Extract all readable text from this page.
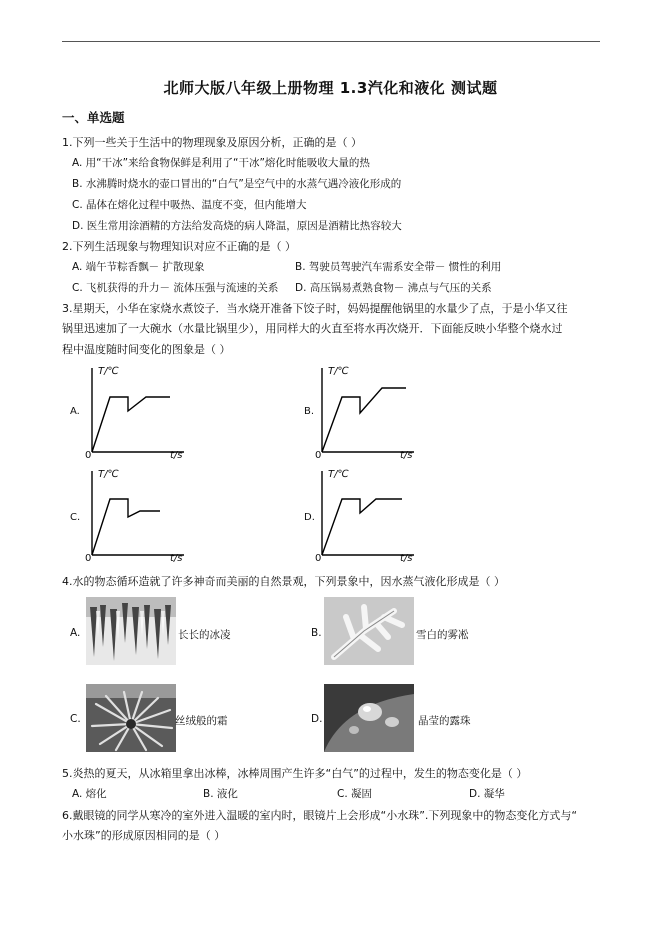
北师大版八年级上册物理 1.3汽化和液化 测试题
一、单选题
1.下列一些关于生活中的物理现象及原因分析，正确的是（ ）
A. 用“干冰”来给食物保鲜是利用了“干冰”熔化时能吸收大量的热
B. 水沸腾时烧水的壶口冒出的“白气”是空气中的水蒸气遇冷液化形成的
C. 晶体在熔化过程中吸热、温度不变，但内能增大
D. 医生常用涂酒精的方法给发高烧的病人降温，原因是酒精比热容较大
2.下列生活现象与物理知识对应不正确的是（ ）
A. 端午节粽香飘－ 扩散现象	B. 驾驶员驾驶汽车需系安全带－ 惯性的利用
C. 飞机获得的升力－ 流体压强与流速的关系 D. 高压锅易煮熟食物－ 沸点与气压的关系
3.星期天，小华在家烧水煮饺子．当水烧开准备下饺子时，妈妈提醒他锅里的水量少了点，于是小华又往
锅里迅速加了一大碗水（水量比锅里少），用同样大的火直至将水再次烧开．下面能反映小华整个烧水过
程中温度随时间变化的图象是（ ）
A.
T/℃
t/s
0
B.
T/℃
t/s
0
C.
T/℃
t/s
0
D.
T/℃
t/s
0
4.水的物态循环造就了许多神奇而美丽的自然景观，下列景象中，因水蒸气液化形成是（ ）
A.	长长的冰凌	B.	雪白的雾凇
C.	丝绒般的霜	D.	晶莹的露珠
5.炎热的夏天，从冰箱里拿出冰棒，冰棒周围产生许多“白气”的过程中，发生的物态变化是（ ）
A. 熔化	B. 液化	C. 凝固	D. 凝华
6.戴眼镜的同学从寒冷的室外进入温暖的室内时，眼镜片上会形成“小水珠”.下列现象中的物态变化方式与“
小水珠”的形成原因相同的是（ ）
